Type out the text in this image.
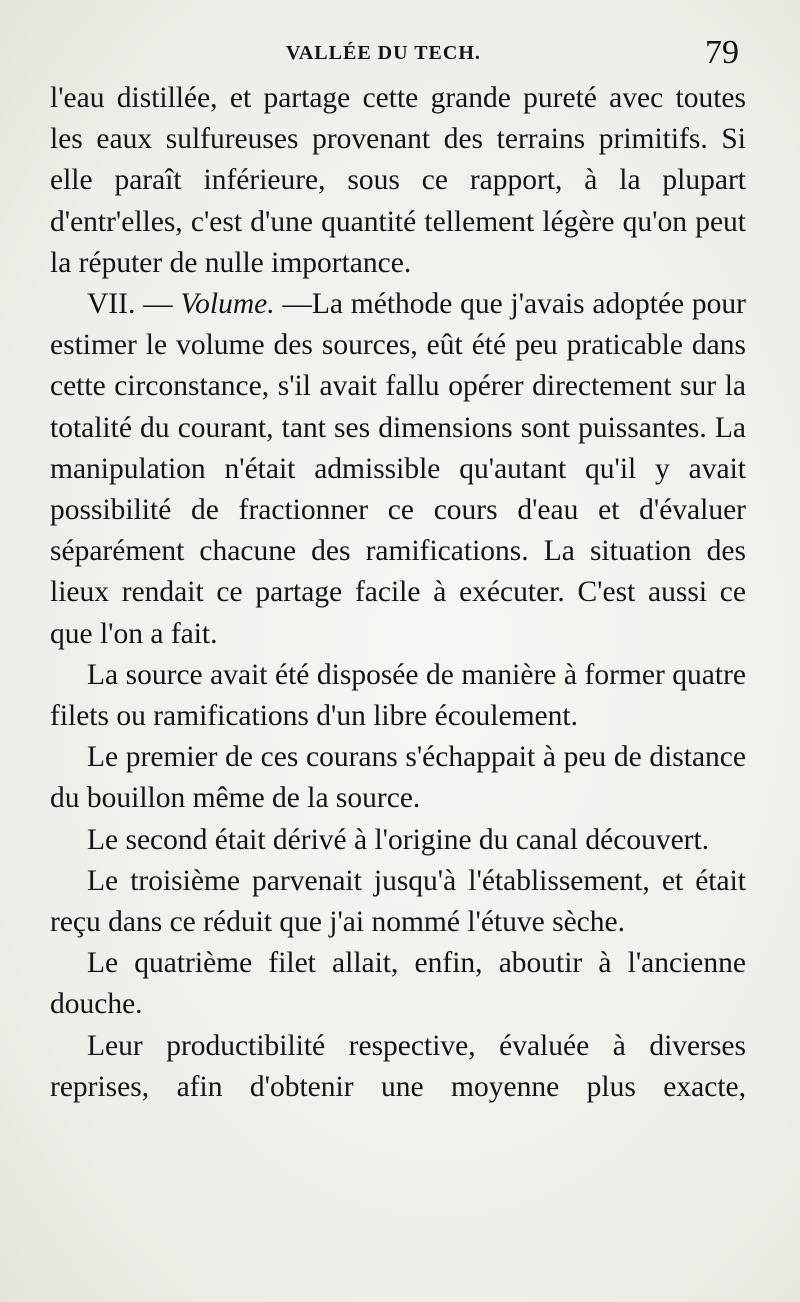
VALLÉE DU TECH.	79

l'eau distillée, et partage cette grande pureté avec toutes les eaux sulfureuses provenant des terrains primitifs. Si elle paraît inférieure, sous ce rapport, à la plupart d'entr'elles, c'est d'une quantité tellement légère qu'on peut la réputer de nulle importance.

VII. — Volume. —La méthode que j'avais adoptée pour estimer le volume des sources, eût été peu praticable dans cette circonstance, s'il avait fallu opérer directement sur la totalité du courant, tant ses dimensions sont puissantes. La manipulation n'était admissible qu'autant qu'il y avait possibilité de fractionner ce cours d'eau et d'évaluer séparément chacune des ramifications. La situation des lieux rendait ce partage facile à exécuter. C'est aussi ce que l'on a fait.

La source avait été disposée de manière à former quatre filets ou ramifications d'un libre écoulement.

Le premier de ces courans s'échappait à peu de distance du bouillon même de la source.

Le second était dérivé à l'origine du canal découvert.

Le troisième parvenait jusqu'à l'établissement, et était reçu dans ce réduit que j'ai nommé l'étuve sèche.

Le quatrième filet allait, enfin, aboutir à l'ancienne douche.

Leur productibilité respective, évaluée à diverses reprises, afin d'obtenir une moyenne plus exacte,
